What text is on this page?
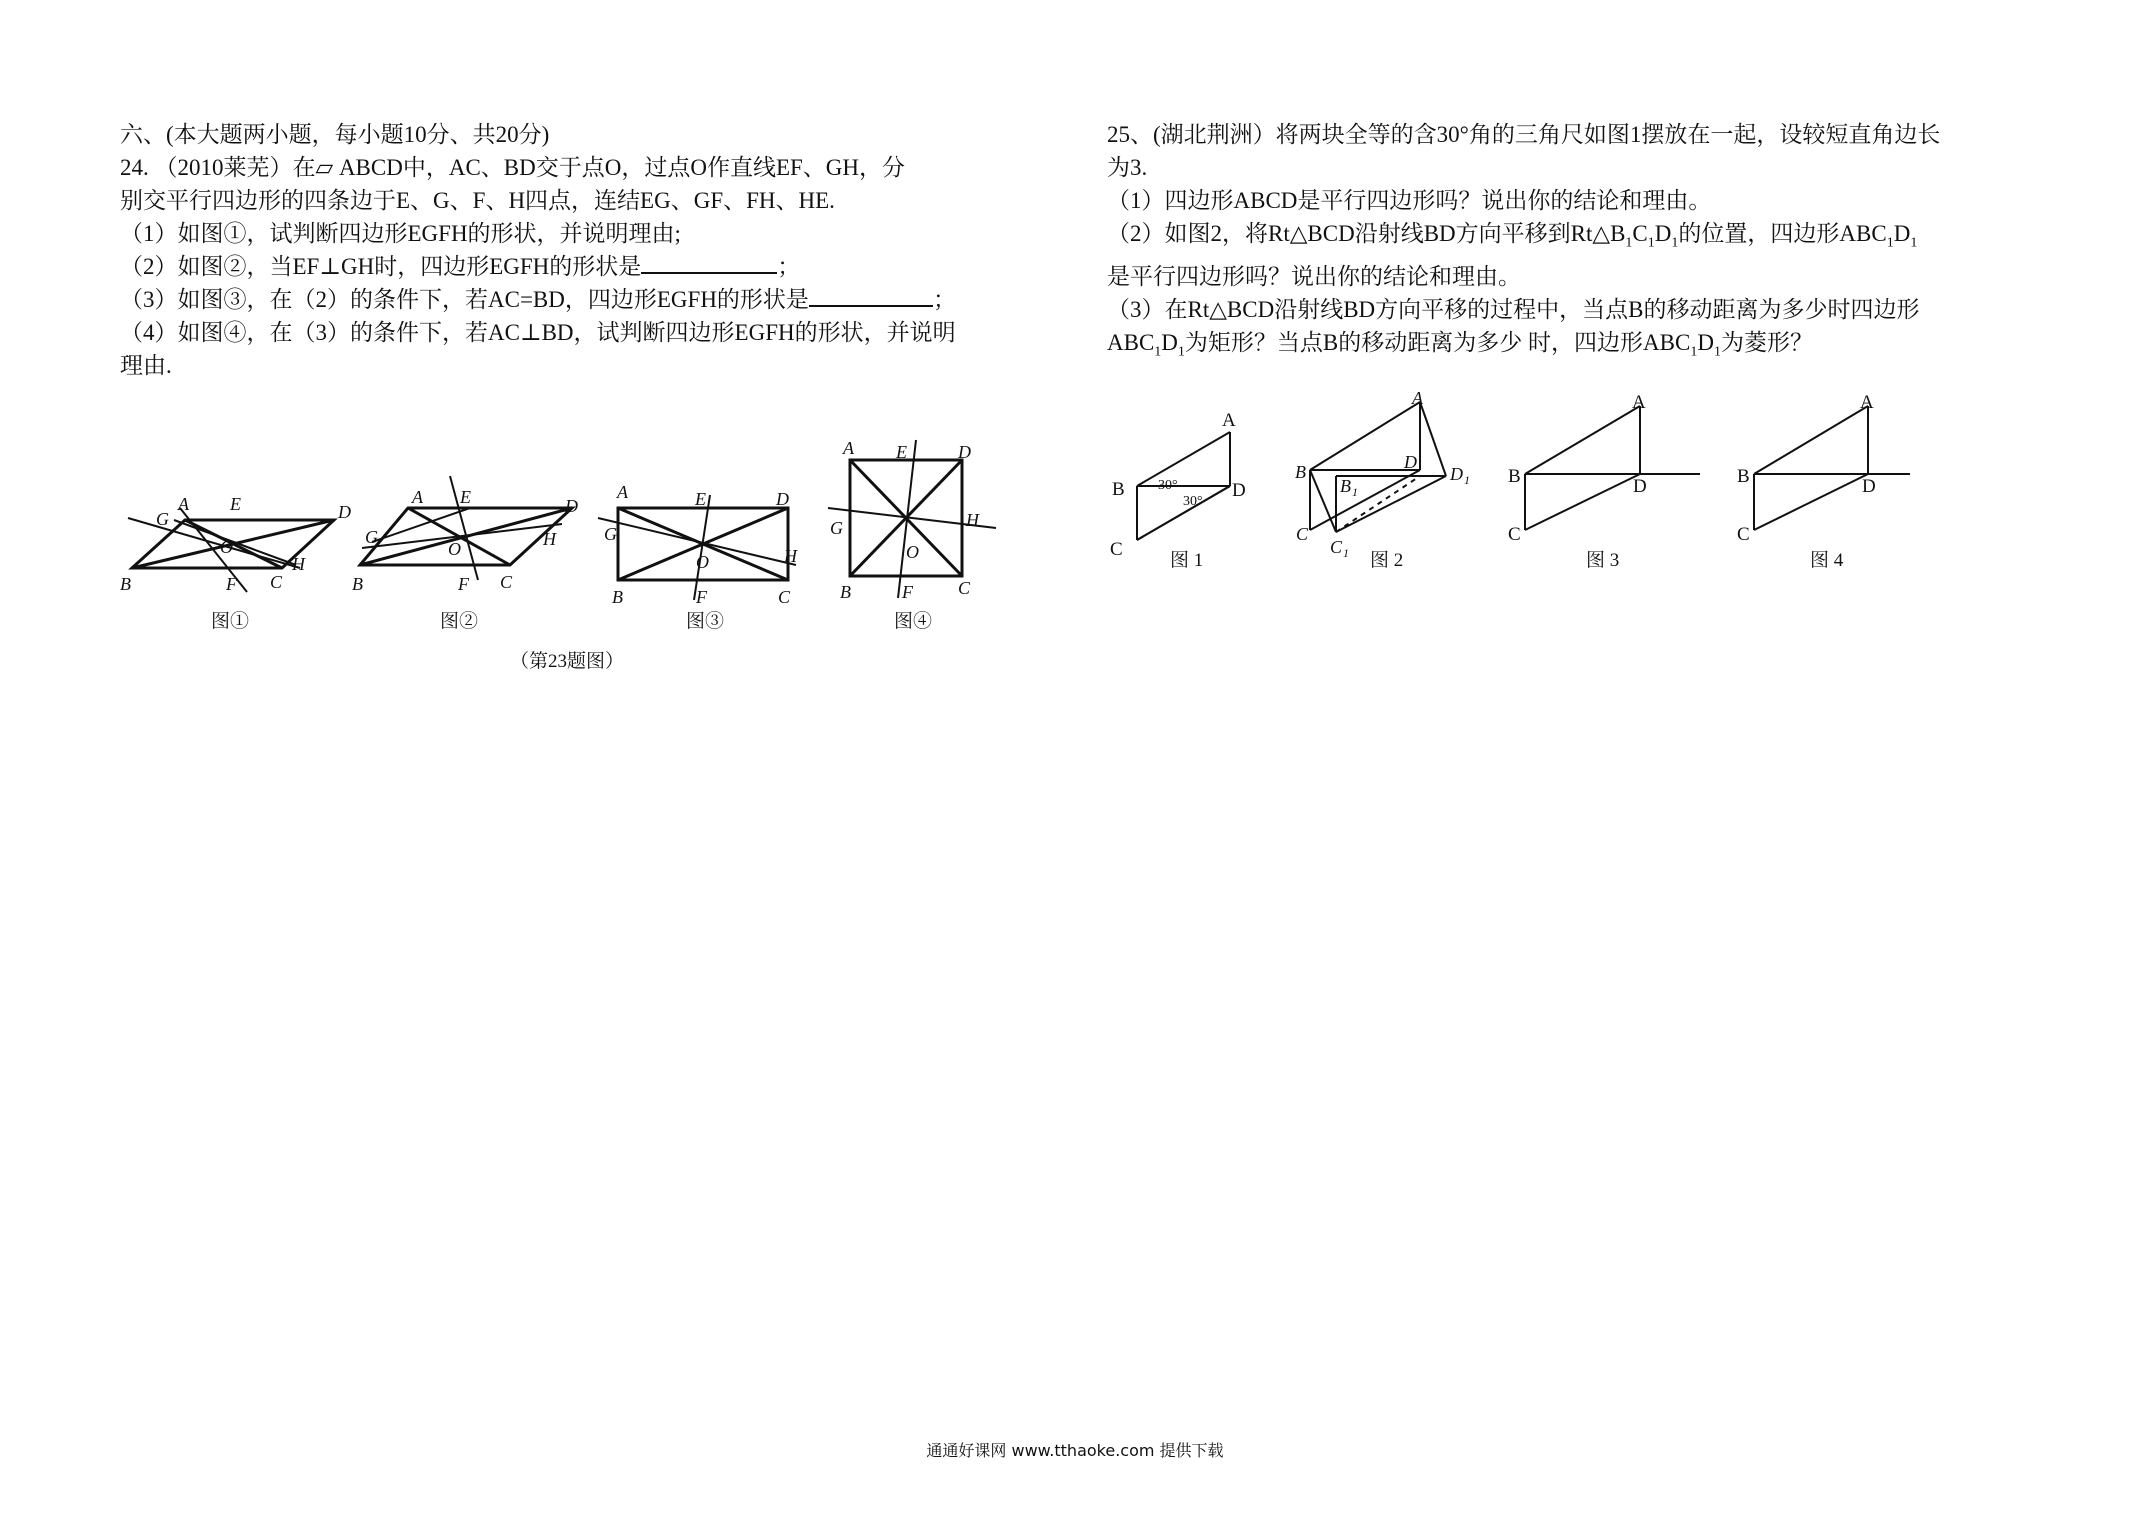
六、(本大题两小题，每小题10分、共20分)
24. （2010莱芜）在▱ ABCD中，AC、BD交于点O，过点O作直线EF、GH，分
别交平行四边形的四条边于E、G、F、H四点，连结EG、GF、FH、HE.
（1）如图①，试判断四边形EGFH的形状，并说明理由;
（2）如图②，当EF⊥GH时，四边形EGFH的形状是	；
（3）如图③，在（2）的条件下，若AC=BD，四边形EGFH的形状是	；
（4）如图④，在（3）的条件下，若AC⊥BD，试判断四边形EGFH的形状，并说明
理由.
A E	D
G
O
H
B	F C
图①
A E	D
G
O	H
B	F C
图②
A	E	D
G
O	H
B	F	C
图③
A E	D
G
O
H
B	F	C
图④
（第23题图）
25、(湖北荆洲）将两块全等的含30°角的三角尺如图1摆放在一起，设较短直角边长
为3.
（1）四边形ABCD是平行四边形吗？说出你的结论和理由。
（2）如图2，将Rt△BCD沿射线BD方向平移到$Rt\triangle B_1C_1D_1$的位置，四边形$ABC_1D_1$
是平行四边形吗？说出你的结论和理由。
（3）在Rt△BCD沿射线BD方向平移的过程中，当点B的移动距离为多少时四边形
$ABC_1D_1$为矩形？当点B的移动距离为多少 时，四边形$ABC_1D_1$为菱形？
A
B	D
C
30°
30°
图 1
A
B
$B_1$
D
$D_1$
C
$C_1$ 图 2
A
B	D
C
图 3
A
B	D
C
图 4
通通好课网 www.tthaoke.com 提供下载
